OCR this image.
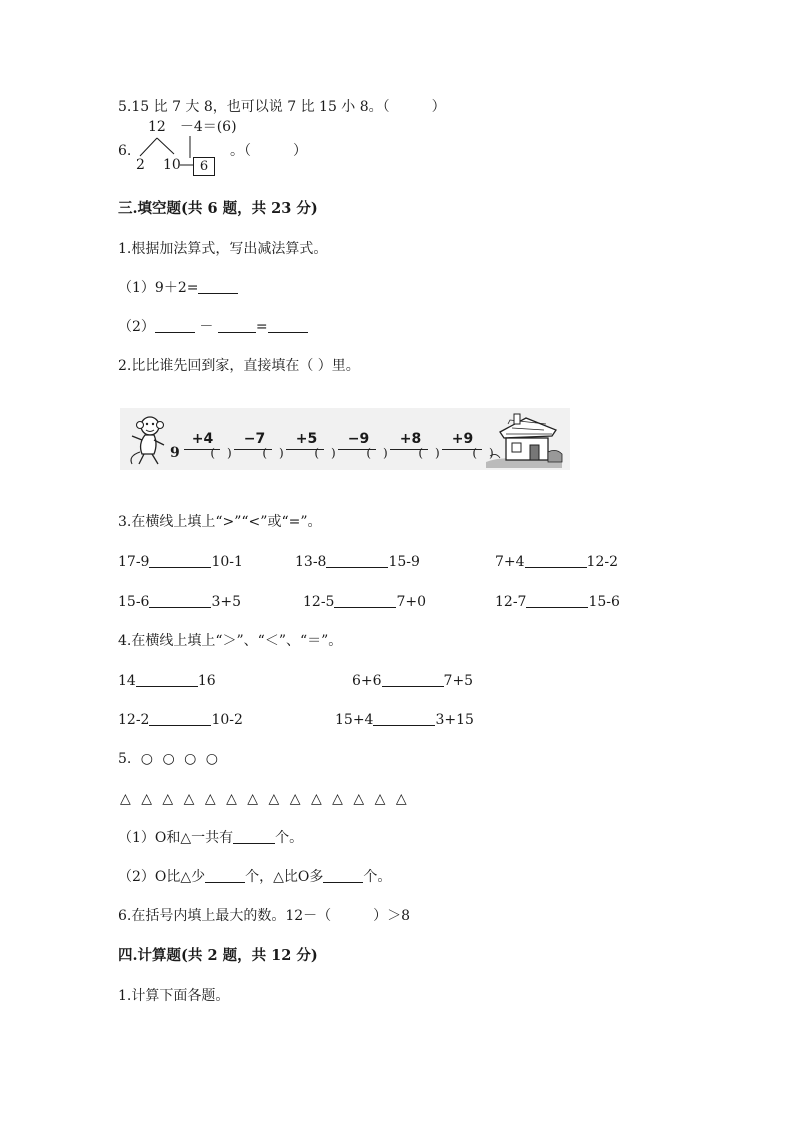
5.15 比 7 大 8，也可以说 7 比 15 小 8。（　　　）
12　－4＝(6)
6.
2 10	6
。（　　　）
三.填空题(共 6 题，共 23 分)
1.根据加法算式，写出减法算式。
（1）9＋2=
（2）	－	=
2.比比谁先回到家，直接填在（ ）里。
9
+4
(　)
−7
(　)
+5
(　)
−9
(　)
+8
(　)
+9
(　)
3.在横线上填上“>”“<”或“=”。
17-9	10-1	13-8	15-9	7+4	12-2
15-6	3+5	12-5	7+0	12-7	15-6
4.在横线上填上“＞”、“＜”、“＝”。
14	16	6+6	7+5
12-2	10-2	15+4	3+15
5. ○ ○ ○ ○
△ △ △ △ △ △ △ △ △ △ △ △ △ △
（1）O和△一共有	个。
（2）O比△少	个，△比O多	个。
6.在括号内填上最大的数。12－（　　　）＞8
四.计算题(共 2 题，共 12 分)
1.计算下面各题。
